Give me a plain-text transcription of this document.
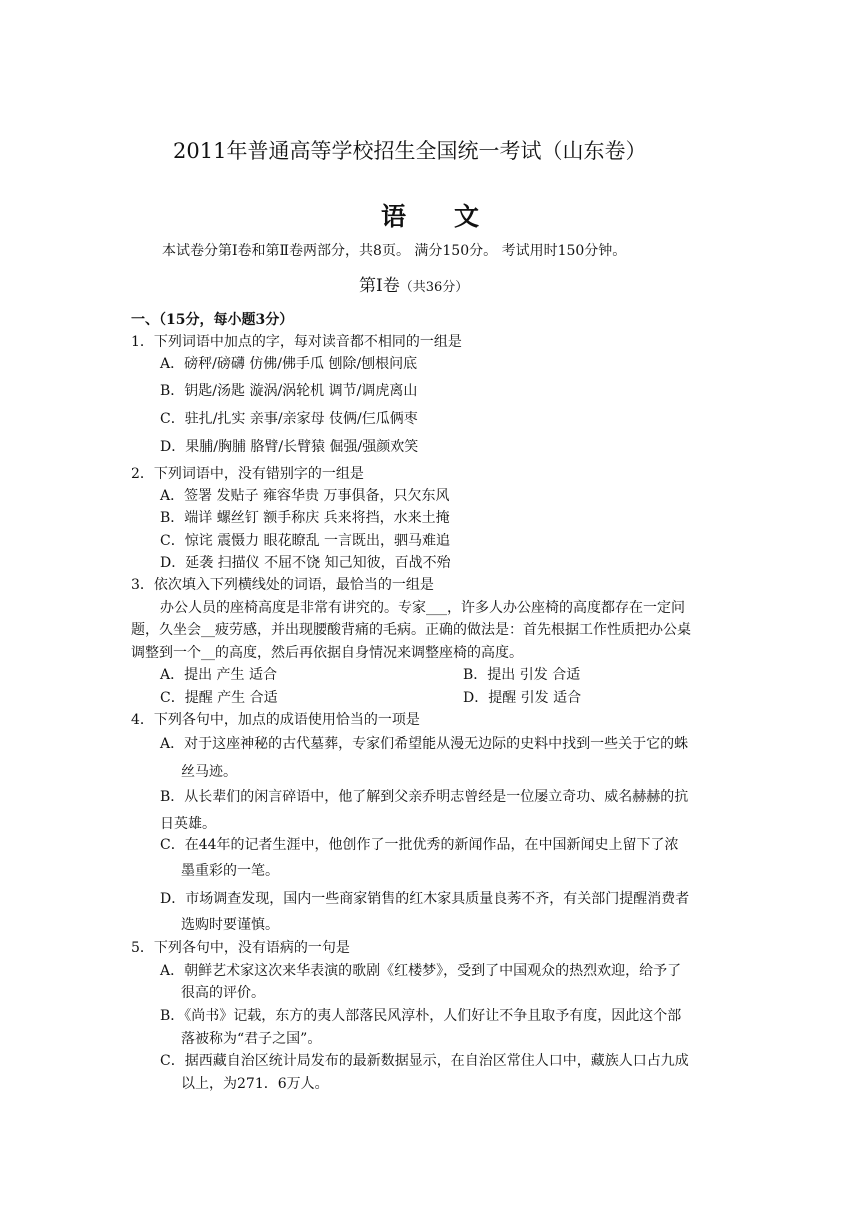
2011年普通高等学校招生全国统一考试（山东卷）
语文
本试卷分第Ⅰ卷和第Ⅱ卷两部分，共8页。 满分150分。 考试用时150分钟。
第Ⅰ卷（共36分）
一、（15分，每小题3分）
1．下列词语中加点的字，每对读音都不相同的一组是
A．磅秤/磅礴 仿佛/佛手瓜 刨除/刨根问底
B．钥匙/汤匙 漩涡/涡轮机 调节/调虎离山
C．驻扎/扎实 亲事/亲家母 伎俩/仨瓜俩枣
D．果脯/胸脯 胳臂/长臂猿 倔强/强颜欢笑
2．下列词语中，没有错别字的一组是
A．签署 发贴子 雍容华贵 万事俱备，只欠东风
B．端详 螺丝钉 额手称庆 兵来将挡，水来土掩
C．惊诧 震慑力 眼花瞭乱 一言既出，驷马难追
D．延袭 扫描仪 不屈不饶 知己知彼，百战不殆
3．依次填入下列横线处的词语，最恰当的一组是
办公人员的座椅高度是非常有讲究的。专家___，许多人办公座椅的高度都存在一定问
题，久坐会__疲劳感，并出现腰酸背痛的毛病。正确的做法是：首先根据工作性质把办公桌
调整到一个__的高度，然后再依据自身情况来调整座椅的高度。
A．提出 产生 适合	B．提出 引发 合适
C．提醒 产生 合适	D．提醒 引发 适合
4．下列各句中，加点的成语使用恰当的一项是
A．对于这座神秘的古代墓葬，专家们希望能从漫无边际的史料中找到一些关于它的蛛
丝马迹。
B．从长辈们的闲言碎语中，他了解到父亲乔明志曾经是一位屡立奇功、威名赫赫的抗
日英雄。
C．在44年的记者生涯中，他创作了一批优秀的新闻作品，在中国新闻史上留下了浓
墨重彩的一笔。
D．市场调查发现，国内一些商家销售的红木家具质量良莠不齐，有关部门提醒消费者
选购时要谨慎。
5．下列各句中，没有语病的一句是
A．朝鲜艺术家这次来华表演的歌剧《红楼梦》，受到了中国观众的热烈欢迎，给予了
很高的评价。
B．《尚书》记载，东方的夷人部落民风淳朴，人们好让不争且取予有度，因此这个部
落被称为“君子之国”。
C．据西藏自治区统计局发布的最新数据显示，在自治区常住人口中，藏族人口占九成
以上，为271．6万人。
